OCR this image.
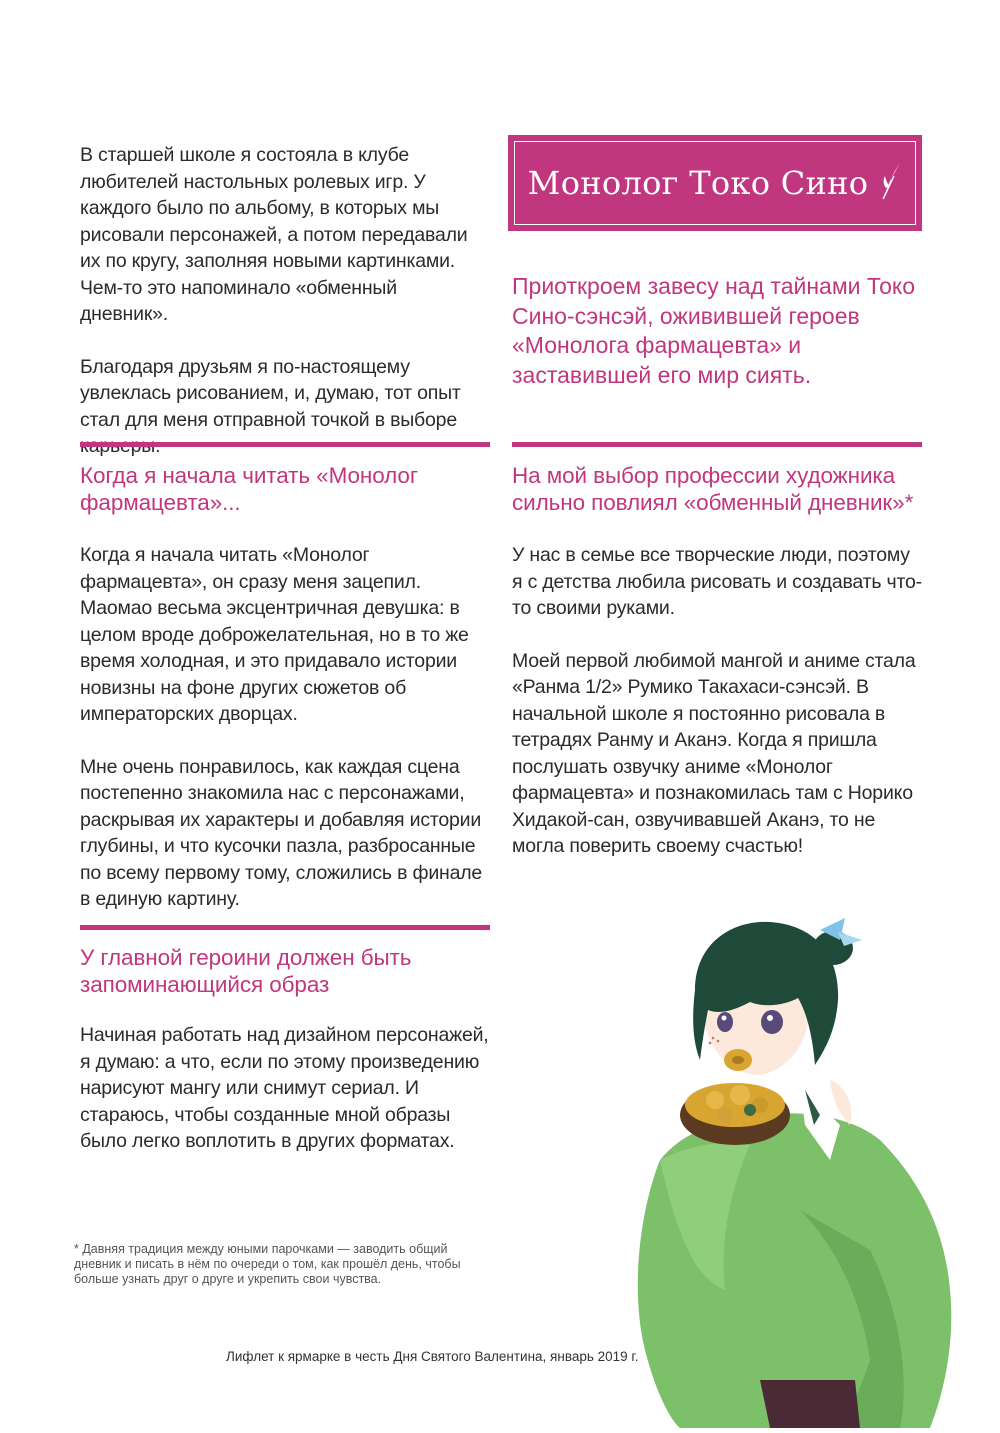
В старшей школе я состояла в клубе любителей настольных ролевых игр. У каждого было по альбому, в которых мы рисовали персонажей, а потом передавали их по кругу, заполняя новыми картинками. Чем-то это напоминало «обменный дневник».

Благодаря друзьям я по-настоящему увлеклась рисованием, и, думаю, тот опыт стал для меня отправной точкой в выборе

Монолог Токо Сино

Приоткроем завесу над тайнами Токо Сино-сэнсэй, оживившей героев «Монолога фармацевта» и заставившей его мир сиять.

Когда я начала читать «Монолог фармацевта»...

Когда я начала читать «Монолог фармацевта», он сразу меня зацепил. Маомао весьма эксцентричная девушка: в целом вроде доброжелательная, но в то же время холодная, и это придавало истории новизны на фоне других сюжетов об императорских дворцах.

Мне очень понравилось, как каждая сцена постепенно знакомила нас с персонажами, раскрывая их характеры и добавляя истории глубины, и что кусочки пазла, разбросанные по всему первому тому, сложились в финале в единую картину.

У главной героини должен быть запоминающийся образ

Начиная работать над дизайном персонажей, я думаю: а что, если по этому произведению нарисуют мангу или снимут сериал. И стараюсь, чтобы созданные мной образы было легко воплотить в других форматах.

На мой выбор профессии художника сильно повлиял «обменный дневник»*

У нас в семье все творческие люди, поэтому я с детства любила рисовать и создавать что-то своими руками.

Моей первой любимой мангой и аниме стала «Ранма 1/2» Румико Такахаси-сэнсэй. В начальной школе я постоянно рисовала в тетрадях Ранму и Аканэ. Когда я пришла послушать озвучку аниме «Монолог фармацевта» и познакомилась там с Норико Хидакой-сан, озвучивавшей Аканэ, то не могла поверить своему счастью!

* Давняя традиция между юными парочками — заводить общий дневник и писать в нём по очереди о том, как прошёл день, чтобы больше узнать друг о друге и укрепить свои чувства.

Лифлет к ярмарке в честь Дня Святого Валентина, январь 2019 г.
